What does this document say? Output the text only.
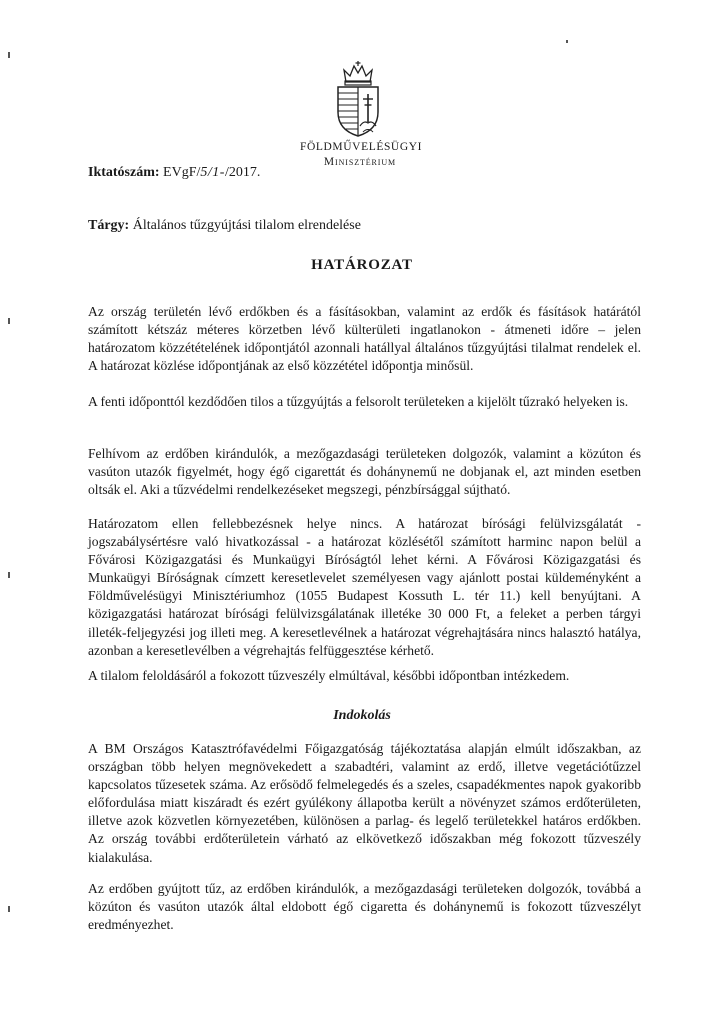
FÖLDMŰVELÉSÜGYI
Minisztérium
Iktatószám: EVgF/5/1-/2017.
Tárgy: Általános tűzgyújtási tilalom elrendelése
HATÁROZAT

Az ország területén lévő erdőkben és a fásításokban, valamint az erdők és fásítások határától számított kétszáz méteres körzetben lévő külterületi ingatlanokon - átmeneti időre – jelen határozatom közzétételének időpontjától azonnali hatállyal általános tűzgyújtási tilalmat rendelek el. A határozat közlése időpontjának az első közzététel időpontja minősül.

A fenti időponttól kezdődően tilos a tűzgyújtás a felsorolt területeken a kijelölt tűzrakó helyeken is.

Felhívom az erdőben kirándulók, a mezőgazdasági területeken dolgozók, valamint a közúton és vasúton utazók figyelmét, hogy égő cigarettát és dohánynemű ne dobjanak el, azt minden esetben oltsák el. Aki a tűzvédelmi rendelkezéseket megszegi, pénzbírsággal sújtható.

Határozatom ellen fellebbezésnek helye nincs. A határozat bírósági felülvizsgálatát - jogszabálysértésre való hivatkozással - a határozat közlésétől számított harminc napon belül a Fővárosi Közigazgatási és Munkaügyi Bíróságtól lehet kérni. A Fővárosi Közigazgatási és Munkaügyi Bíróságnak címzett keresetlevelet személyesen vagy ajánlott postai küldeményként a Földművelésügyi Minisztériumhoz (1055 Budapest Kossuth L. tér 11.) kell benyújtani. A közigazgatási határozat bírósági felülvizsgálatának illetéke 30 000 Ft, a feleket a perben tárgyi illeték-feljegyzési jog illeti meg. A keresetlevélnek a határozat végrehajtására nincs halasztó hatálya, azonban a keresetlevélben a végrehajtás felfüggesztése kérhető.

A tilalom feloldásáról a fokozott tűzveszély elmúltával, későbbi időpontban intézkedem.

Indokolás

A BM Országos Katasztrófavédelmi Főigazgatóság tájékoztatása alapján elmúlt időszakban, az országban több helyen megnövekedett a szabadtéri, valamint az erdő, illetve vegetációtűzzel kapcsolatos tűzesetek száma. Az erősödő felmelegedés és a szeles, csapadékmentes napok gyakoribb előfordulása miatt kiszáradt és ezért gyúlékony állapotba került a növényzet számos erdőterületen, illetve azok közvetlen környezetében, különösen a parlag- és legelő területekkel határos erdőkben. Az ország további erdőterületein várható az elkövetkező időszakban még fokozott tűzveszély kialakulása.

Az erdőben gyújtott tűz, az erdőben kirándulók, a mezőgazdasági területeken dolgozók, továbbá a közúton és vasúton utazók által eldobott égő cigaretta és dohánynemű is fokozott tűzveszélyt eredményezhet.
